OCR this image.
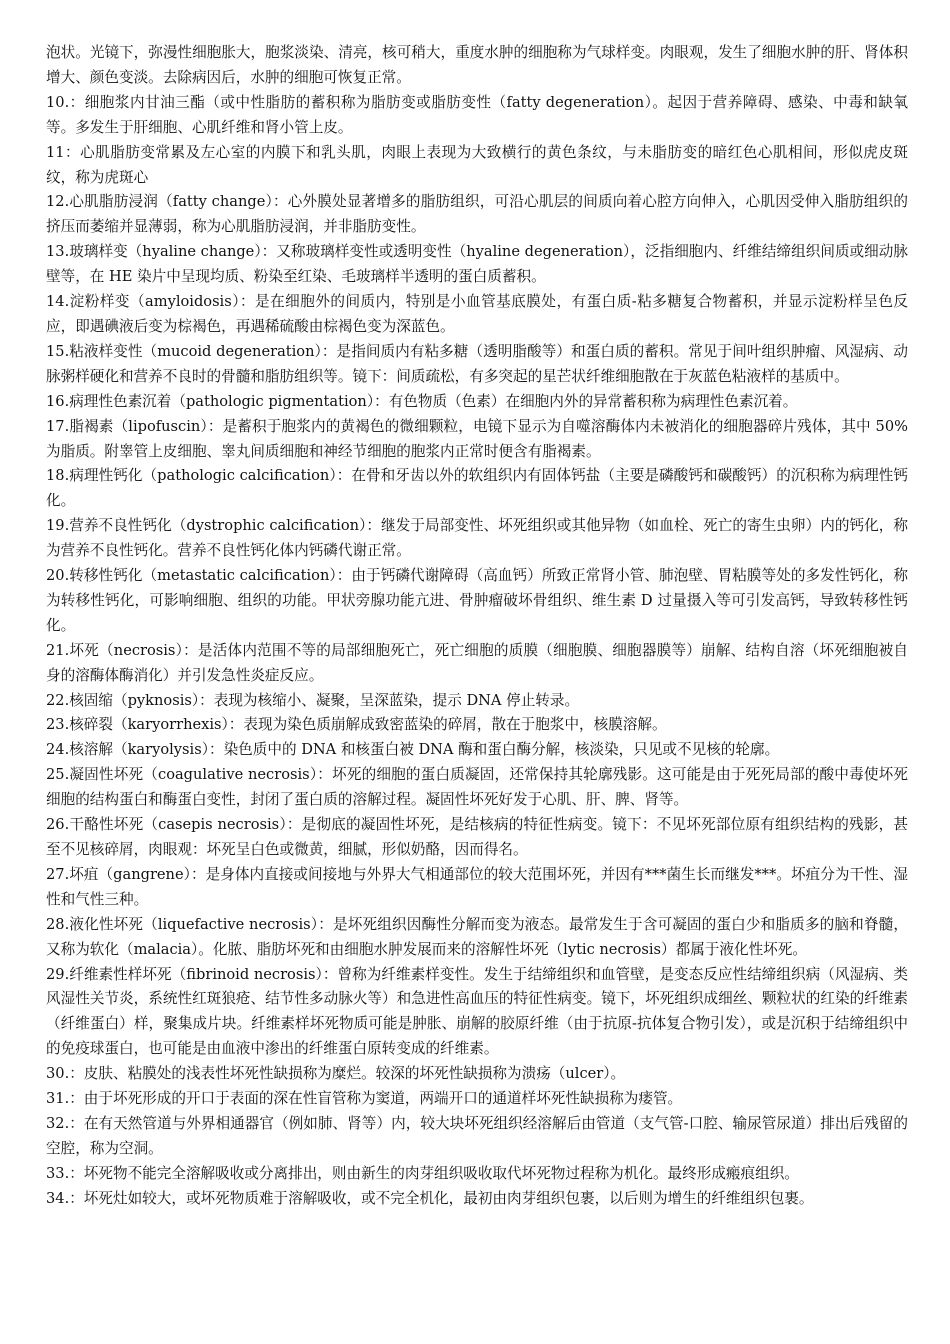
泡状。光镜下，弥漫性细胞胀大，胞浆淡染、清亮，核可稍大，重度水肿的细胞称为气球样变。肉眼观，发生了细胞水肿的肝、肾体积增大、颜色变淡。去除病因后，水肿的细胞可恢复正常。

10.：细胞浆内甘油三酯（或中性脂肪的蓄积称为脂肪变或脂肪变性（fatty degeneration）。起因于营养障碍、感染、中毒和缺氧等。多发生于肝细胞、心肌纤维和肾小管上皮。

11：心肌脂肪变常累及左心室的内膜下和乳头肌，肉眼上表现为大致横行的黄色条纹，与未脂肪变的暗红色心肌相间，形似虎皮斑纹，称为虎斑心

12.心肌脂肪浸润（fatty change）：心外膜处显著增多的脂肪组织，可沿心肌层的间质向着心腔方向伸入，心肌因受伸入脂肪组织的挤压而萎缩并显薄弱，称为心肌脂肪浸润，并非脂肪变性。

13.玻璃样变（hyaline change）：又称玻璃样变性或透明变性（hyaline degeneration），泛指细胞内、纤维结缔组织间质或细动脉壁等，在 HE 染片中呈现均质、粉染至红染、毛玻璃样半透明的蛋白质蓄积。

14.淀粉样变（amyloidosis）：是在细胞外的间质内，特别是小血管基底膜处，有蛋白质-粘多糖复合物蓄积，并显示淀粉样呈色反应，即遇碘液后变为棕褐色，再遇稀硫酸由棕褐色变为深蓝色。

15.粘液样变性（mucoid degeneration）：是指间质内有粘多糖（透明脂酸等）和蛋白质的蓄积。常见于间叶组织肿瘤、风湿病、动脉粥样硬化和营养不良时的骨髓和脂肪组织等。镜下：间质疏松，有多突起的星芒状纤维细胞散在于灰蓝色粘液样的基质中。

16.病理性色素沉着（pathologic pigmentation）：有色物质（色素）在细胞内外的异常蓄积称为病理性色素沉着。

17.脂褐素（lipofuscin）：是蓄积于胞浆内的黄褐色的微细颗粒，电镜下显示为自噬溶酶体内未被消化的细胞器碎片残体，其中 50%为脂质。附睾管上皮细胞、睾丸间质细胞和神经节细胞的胞浆内正常时便含有脂褐素。

18.病理性钙化（pathologic calcification）：在骨和牙齿以外的软组织内有固体钙盐（主要是磷酸钙和碳酸钙）的沉积称为病理性钙化。

19.营养不良性钙化（dystrophic calcification）：继发于局部变性、坏死组织或其他异物（如血栓、死亡的寄生虫卵）内的钙化，称为营养不良性钙化。营养不良性钙化体内钙磷代谢正常。

20.转移性钙化（metastatic calcification）：由于钙磷代谢障碍（高血钙）所致正常肾小管、肺泡壁、胃粘膜等处的多发性钙化，称为转移性钙化，可影响细胞、组织的功能。甲状旁腺功能亢进、骨肿瘤破坏骨组织、维生素 D 过量摄入等可引发高钙，导致转移性钙化。

21.坏死（necrosis）：是活体内范围不等的局部细胞死亡，死亡细胞的质膜（细胞膜、细胞器膜等）崩解、结构自溶（坏死细胞被自身的溶酶体酶消化）并引发急性炎症反应。

22.核固缩（pyknosis）：表现为核缩小、凝聚，呈深蓝染，提示 DNA 停止转录。

23.核碎裂（karyorrhexis）：表现为染色质崩解成致密蓝染的碎屑，散在于胞浆中，核膜溶解。

24.核溶解（karyolysis）：染色质中的 DNA 和核蛋白被 DNA 酶和蛋白酶分解，核淡染，只见或不见核的轮廓。

25.凝固性坏死（coagulative necrosis）：坏死的细胞的蛋白质凝固，还常保持其轮廓残影。这可能是由于死死局部的酸中毒使坏死细胞的结构蛋白和酶蛋白变性，封闭了蛋白质的溶解过程。凝固性坏死好发于心肌、肝、脾、肾等。

26.干酪性坏死（casepis necrosis）：是彻底的凝固性坏死，是结核病的特征性病变。镜下：不见坏死部位原有组织结构的残影，甚至不见核碎屑，肉眼观：坏死呈白色或微黄，细腻，形似奶酪，因而得名。

27.坏疽（gangrene）：是身体内直接或间接地与外界大气相通部位的较大范围坏死，并因有***菌生长而继发***。坏疽分为干性、湿性和气性三种。

28.液化性坏死（liquefactive necrosis）：是坏死组织因酶性分解而变为液态。最常发生于含可凝固的蛋白少和脂质多的脑和脊髓，又称为软化（malacia）。化脓、脂肪坏死和由细胞水肿发展而来的溶解性坏死（lytic necrosis）都属于液化性坏死。

29.纤维素性样坏死（fibrinoid necrosis）：曾称为纤维素样变性。发生于结缔组织和血管壁，是变态反应性结缔组织病（风湿病、类风湿性关节炎，系统性红斑狼疮、结节性多动脉火等）和急进性高血压的特征性病变。镜下，坏死组织成细丝、颗粒状的红染的纤维素（纤维蛋白）样，聚集成片块。纤维素样坏死物质可能是肿胀、崩解的胶原纤维（由于抗原-抗体复合物引发），或是沉积于结缔组织中的免疫球蛋白，也可能是由血液中渗出的纤维蛋白原转变成的纤维素。

30.：皮肤、粘膜处的浅表性坏死性缺损称为糜烂。较深的坏死性缺损称为溃疡（ulcer）。

31.：由于坏死形成的开口于表面的深在性盲管称为窦道，两端开口的通道样坏死性缺损称为瘘管。

32.：在有天然管道与外界相通器官（例如肺、肾等）内，较大块坏死组织经溶解后由管道（支气管-口腔、输尿管尿道）排出后残留的空腔，称为空洞。

33.：坏死物不能完全溶解吸收或分离排出，则由新生的肉芽组织吸收取代坏死物过程称为机化。最终形成瘢痕组织。

34.：坏死灶如较大，或坏死物质难于溶解吸收，或不完全机化，最初由肉芽组织包裹，以后则为增生的纤维组织包裹。
